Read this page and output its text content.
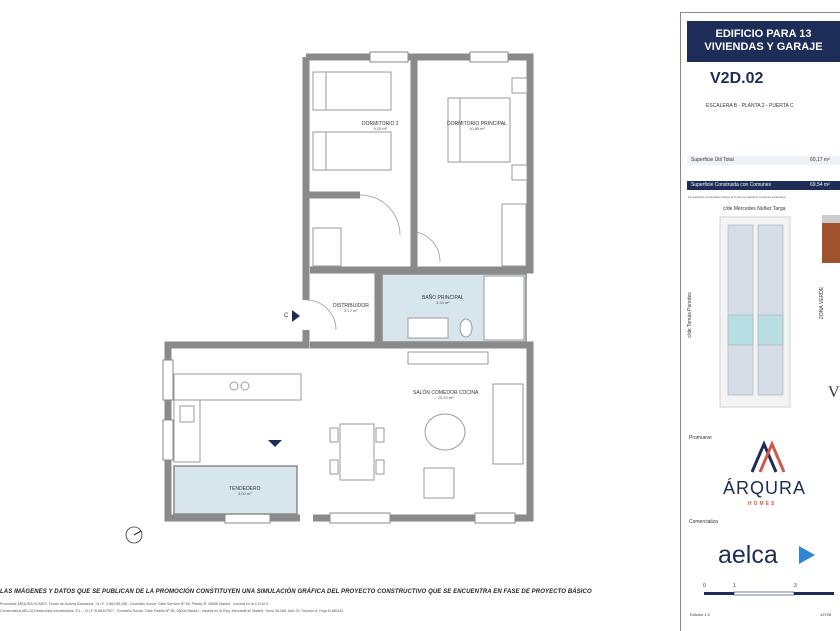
DORMITORIO 2
9,20 m²
DORMITORIO PRINCIPAL
10,80 m²
DISTRIBUIDOR
3,17 m²
BAÑO PRINCIPAL
3,34 m²
SALÓN COMEDOR COCINA
20,20 m²
TENDEDERO
3,00 m²
C
LAS IMÁGENES Y DATOS QUE SE PUBLICAN DE LA PROMOCIÓN CONSTITUYEN UNA SIMULACIÓN GRÁFICA DEL PROYECTO CONSTRUCTIVO QUE SE ENCUENTRA EN FASE DE PROYECTO BÁSICO
Promueve ÁRQURA HOMES, Fondo de Activos Bancarios - N.I.F. V-88.036.256 - Domicilio Social: Calle Serrano Nº 68, Planta 4ª, 28006 Madrid - Inscrita en la C.N.M.V.
Comercializa AELCA Desarrollos Inmobiliarios, S.L. - N.I.F. B-88347527 - Domicilio Social: Calle Padilla Nº 36, 28006 Madrid - Inscrita en el Reg. Mercantil de Madrid, Tomo 38.268, folio 29, Sección 8, Hoja M-681161
EDIFICIO PARA 13
VIVIENDAS Y GARAJE
V2D.02
ESCALERA B - PLANTA 2 - PUERTA C
Superficie Útil Total	60,17 m²
Superficie Construida con Comunes	69,54 m²
La superficie construida incluye el % de los espacios comunes existentes.
V
c/de Mercedes Núñez Targa
c/de Tomás Paredes	ZONA VERDE
Promueve
ÁRQURA
HOMES
Comercializa
aelca
0	1	3
Edición 1.0	19726
